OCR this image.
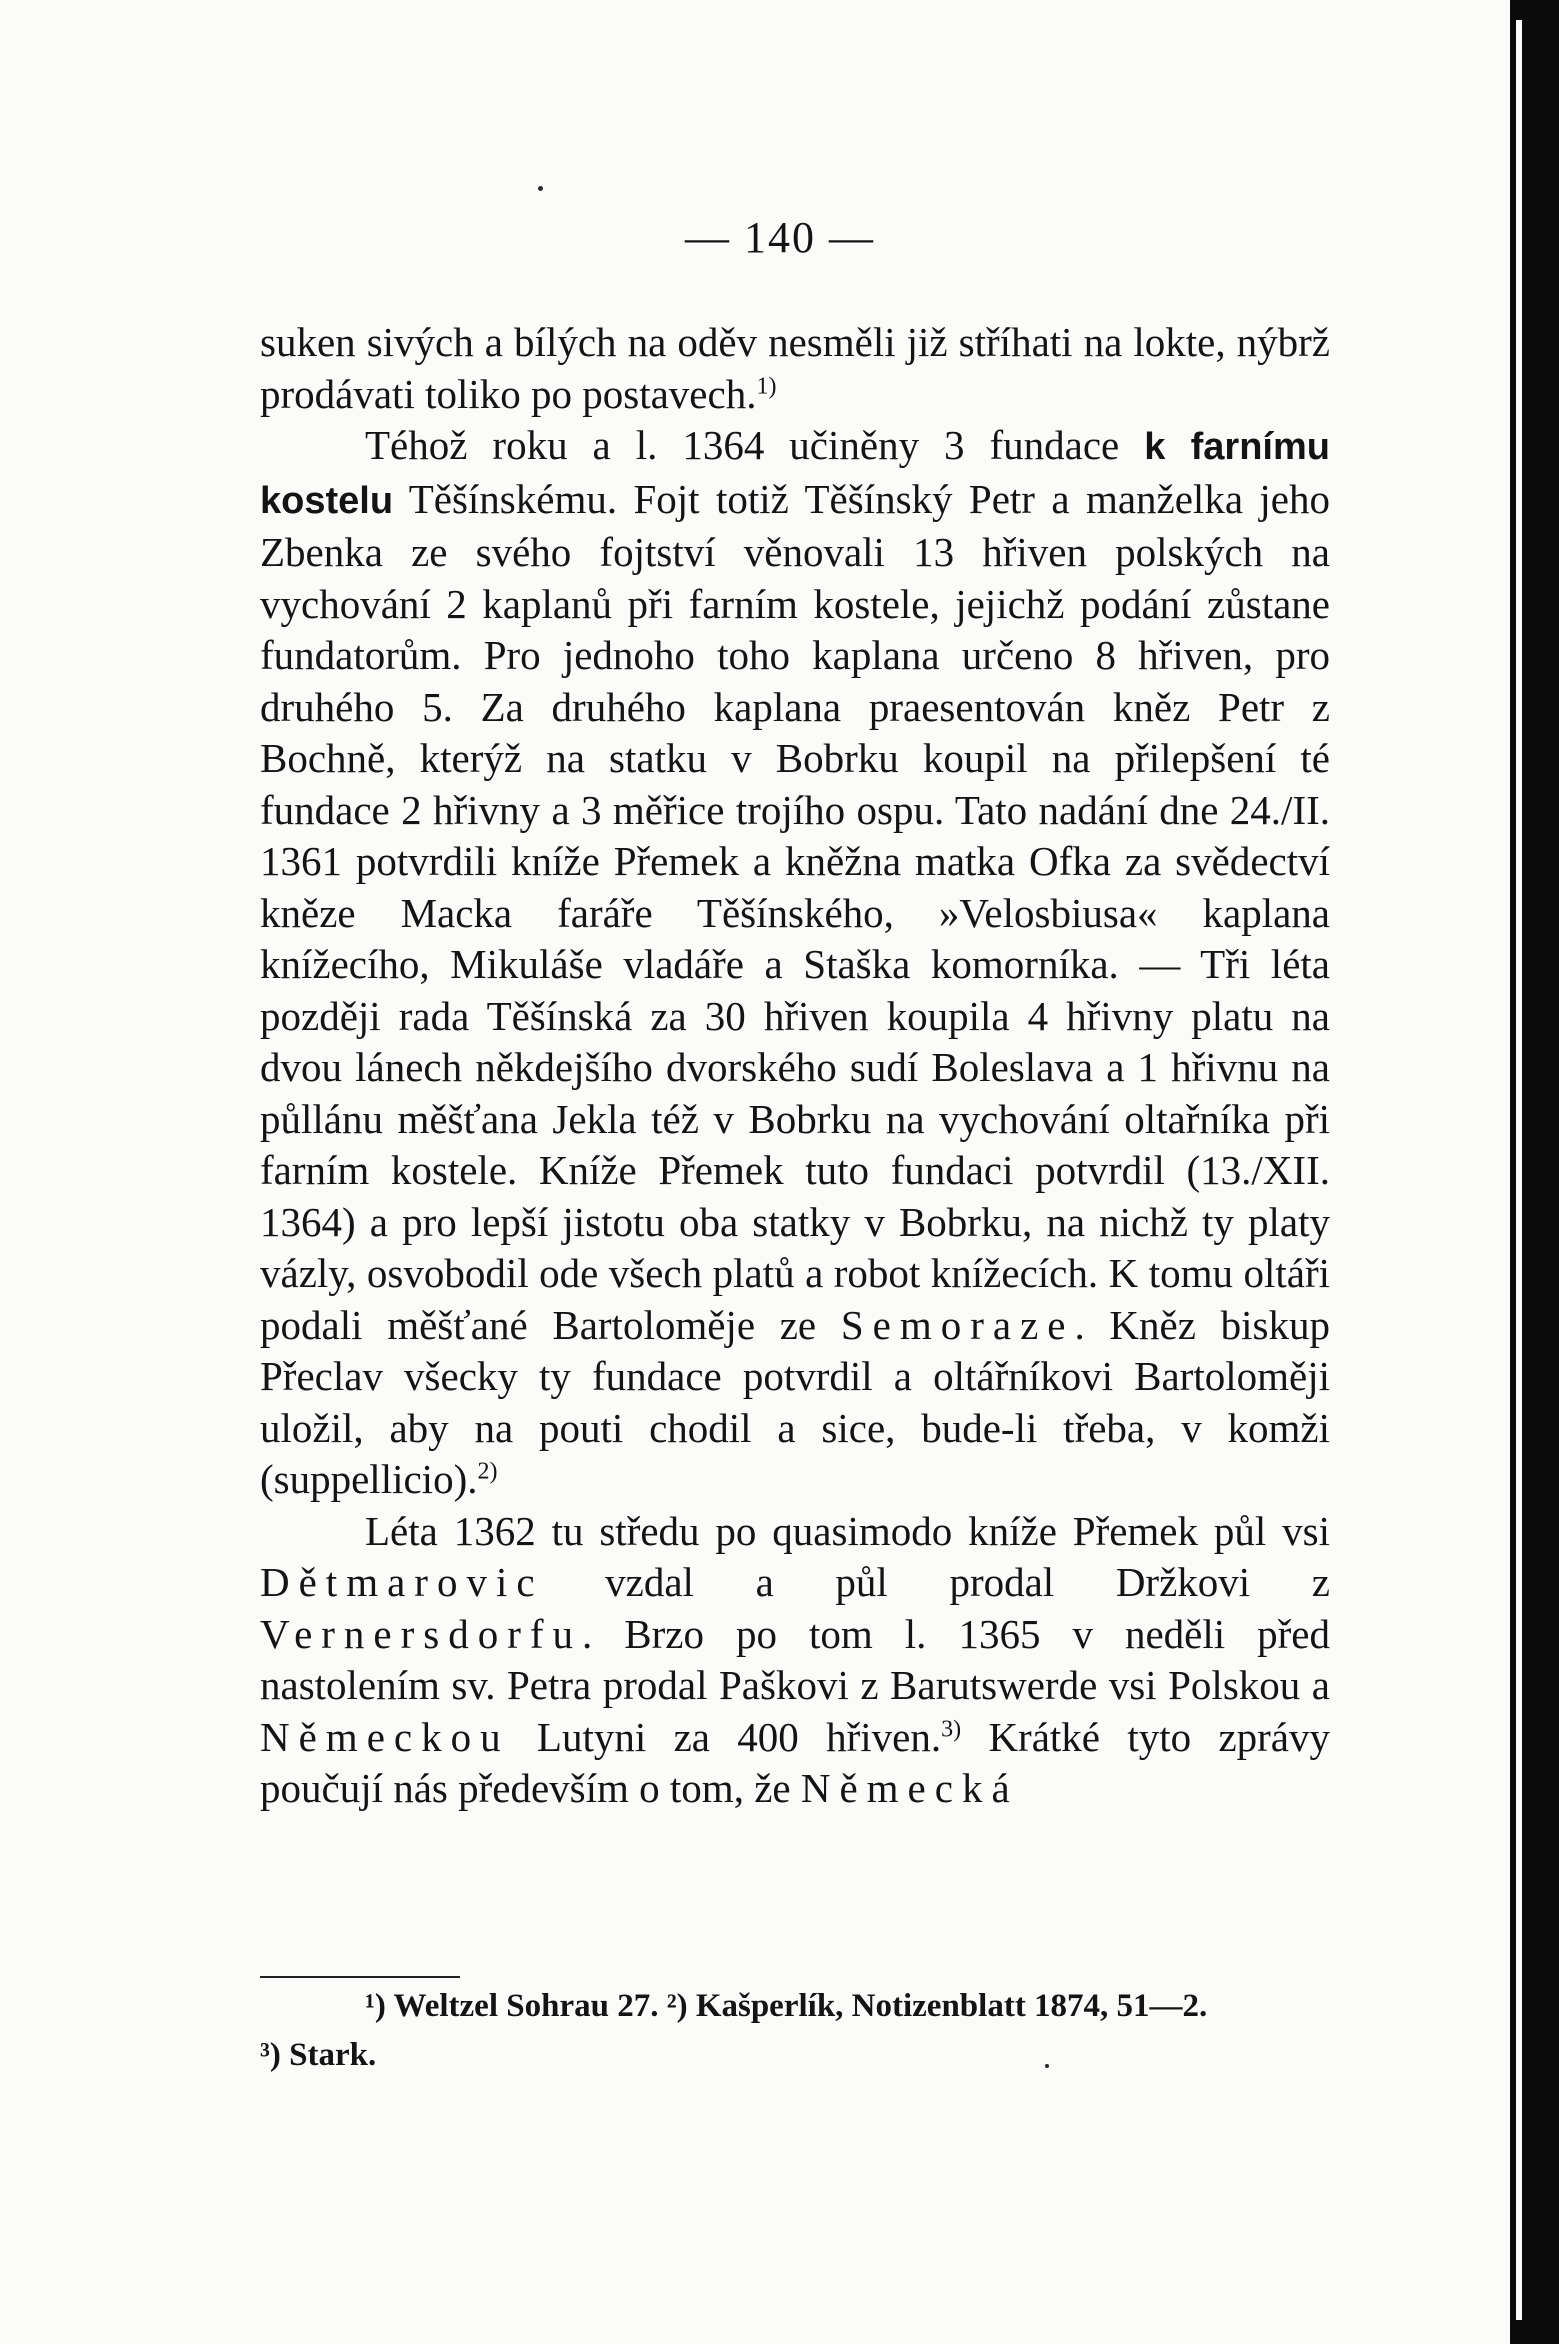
— 140 —

suken sivých a bílých na oděv nesměli již stříhati na lokte, nýbrž prodávati toliko po postavech.$^{1)}$

Téhož roku a l. 1364 učiněny 3 fundace k farnímu kostelu Těšínskému. Fojt totiž Těšínský Petr a manželka jeho Zbenka ze svého fojtství věnovali 13 hřiven polských na vychování 2 kaplanů při farním kostele, jejichž podání zůstane fundatorům. Pro jednoho toho kaplana určeno 8 hřiven, pro druhého 5. Za druhého kaplana praesentován kněz Petr z Bochně, kterýž na statku v Bobrku koupil na přilepšení té fundace 2 hřivny a 3 měřice trojího ospu. Tato nadání dne 24./II. 1361 potvrdili kníže Přemek a kněžna matka Ofka za svědectví kněze Macka faráře Těšínského, »Velosbiusa« kaplana knížecího, Mikuláše vladáře a Staška komorníka. — Tři léta později rada Těšínská za 30 hřiven koupila 4 hřivny platu na dvou lánech někdejšího dvorského sudí Boleslava a 1 hřivnu na půllánu měšťana Jekla též v Bobrku na vychování oltařníka při farním kostele. Kníže Přemek tuto fundaci potvrdil (13./XII. 1364) a pro lepší jistotu oba statky v Bobrku, na nichž ty platy vázly, osvobodil ode všech platů a robot knížecích. K tomu oltáři podali měšťané Bartoloměje ze Semoraze. Kněz biskup Přeclav všecky ty fundace potvrdil a oltářníkovi Bartoloměji uložil, aby na pouti chodil a sice, bude-li třeba, v komži (suppellicio).$^{2)}$

Léta 1362 tu středu po quasimodo kníže Přemek půl vsi Dětmarovic vzdal a půl prodal Držkovi z Vernersdorfu. Brzo po tom l. 1365 v neděli před nastolením sv. Petra prodal Paškovi z Barutswerde vsi Polskou a Německou Lutyni za 400 hřiven.$^{3)}$ Krátké tyto zprávy poučují nás především o tom, že Německá

¹) Weltzel Sohrau 27. ²) Kašperlík, Notizenblatt 1874, 51—2.

³) Stark.
